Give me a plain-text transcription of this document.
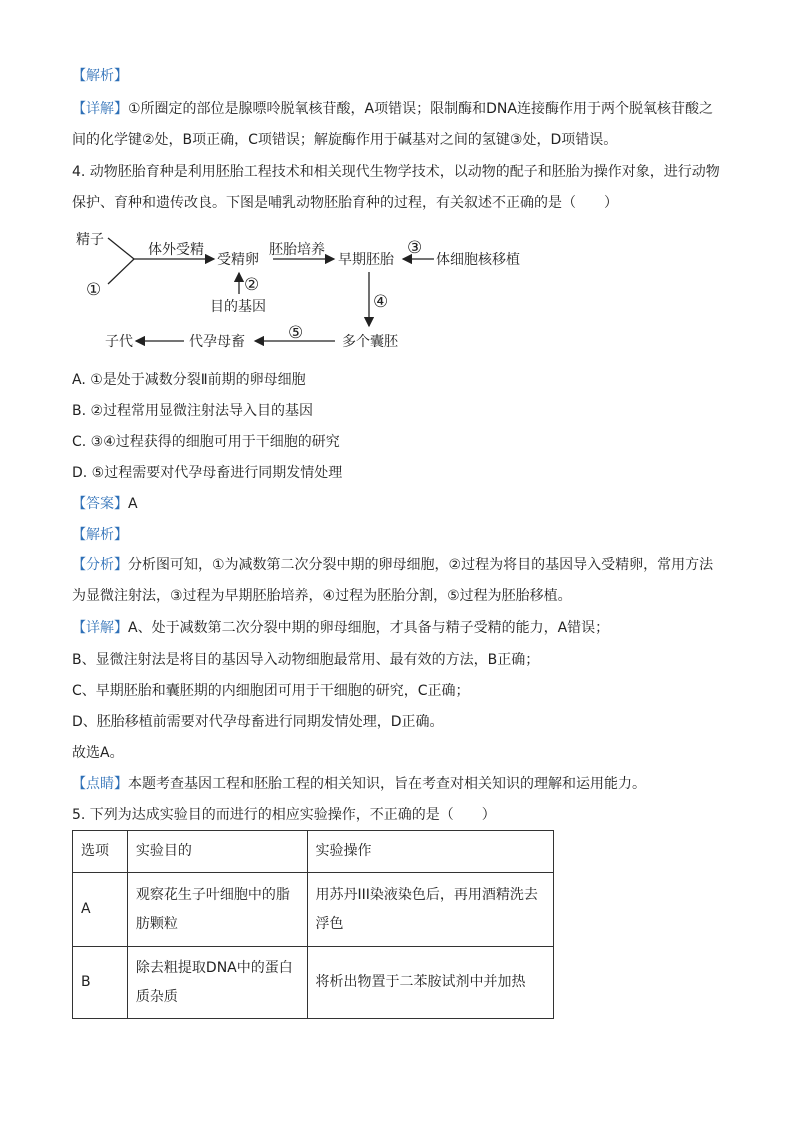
【解析】
【详解】①所圈定的部位是腺嘌呤脱氧核苷酸，A项错误；限制酶和DNA连接酶作用于两个脱氧核苷酸之间的化学键②处，B项正确，C项错误；解旋酶作用于碱基对之间的氢键③处，D项错误。
4. 动物胚胎育种是利用胚胎工程技术和相关现代生物学技术，以动物的配子和胚胎为操作对象，进行动物保护、育种和遗传改良。下图是哺乳动物胚胎育种的过程，有关叙述不正确的是（　　）
精子
①
体外受精
受精卵
胚胎培养
早期胚胎
③
体细胞核移植
②
目的基因	④
多个囊胚
⑤
代孕母畜
子代
A. ①是处于减数分裂Ⅱ前期的卵母细胞
B. ②过程常用显微注射法导入目的基因
C. ③④过程获得的细胞可用于干细胞的研究
D. ⑤过程需要对代孕母畜进行同期发情处理
【答案】A
【解析】
【分析】分析图可知，①为减数第二次分裂中期的卵母细胞，②过程为将目的基因导入受精卵，常用方法为显微注射法，③过程为早期胚胎培养，④过程为胚胎分割，⑤过程为胚胎移植。
【详解】A、处于减数第二次分裂中期的卵母细胞，才具备与精子受精的能力，A错误；
B、显微注射法是将目的基因导入动物细胞最常用、最有效的方法，B正确；
C、早期胚胎和囊胚期的内细胞团可用于干细胞的研究，C正确；
D、胚胎移植前需要对代孕母畜进行同期发情处理，D正确。
故选A。
【点睛】本题考查基因工程和胚胎工程的相关知识，旨在考查对相关知识的理解和运用能力。
5. 下列为达成实验目的而进行的相应实验操作，不正确的是（　　）
选项	实验目的	实验操作
A	观察花生子叶细胞中的脂肪颗粒	用苏丹III染液染色后，再用酒精洗去浮色
B	除去粗提取DNA中的蛋白质杂质	将析出物置于二苯胺试剂中并加热
